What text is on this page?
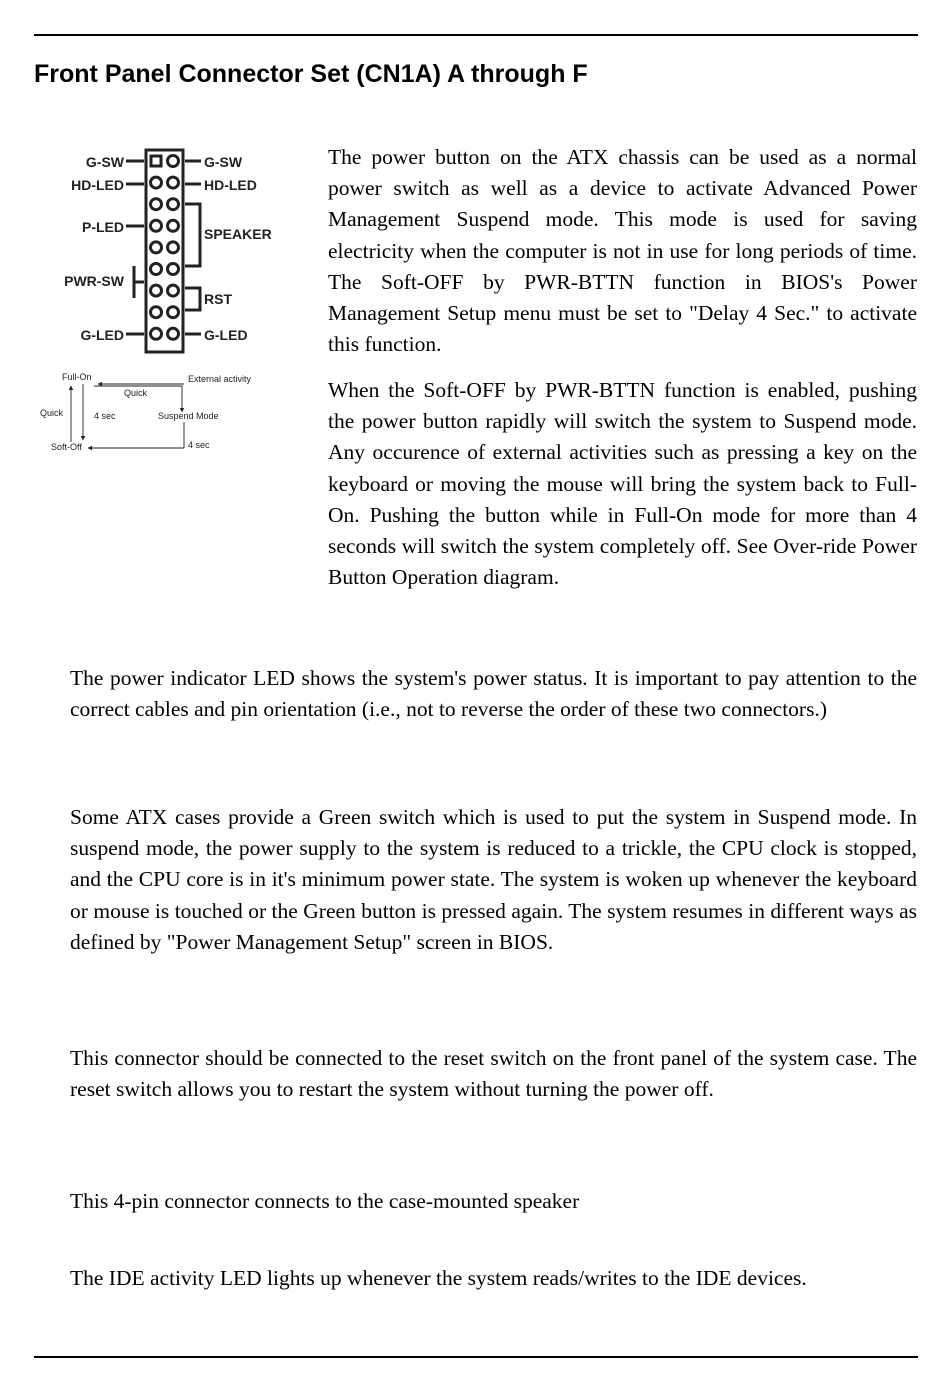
Front Panel Connector Set (CN1A) A through F
G-SW
HD-LED
P-LED
PWR-SW
G-LED
G-SW
HD-LED
SPEAKER
RST
G-LED
Full-On	External activity
Quick
Quick	4 sec	Suspend Mode
Soft-Off	4 sec

The power button on the ATX chassis can be used as a normal power switch as well as a device to activate Advanced Power Management Suspend mode. This mode is used for saving electricity when the computer is not in use for long periods of time. The Soft-OFF by PWR-BTTN function in BIOS's Power Management Setup menu must be set to "Delay 4 Sec." to activate this function.

When the Soft-OFF by PWR-BTTN function is enabled, pushing the power button rapidly will switch the system to Suspend mode. Any occurence of external activities such as pressing a key on the keyboard or moving the mouse will bring the system back to Full-On. Pushing the button while in Full-On mode for more than 4 seconds will switch the system completely off. See Over-ride Power Button Operation diagram.

The power indicator LED shows the system's power status. It is important to pay attention to the correct cables and pin orientation (i.e., not to reverse the order of these two connectors.)

Some ATX cases provide a Green switch which is used to put the system in Suspend mode. In suspend mode, the power supply to the system is reduced to a trickle, the CPU clock is stopped, and the CPU core is in it's minimum power state. The system is woken up whenever the keyboard or mouse is touched or the Green button is pressed again. The system resumes in different ways as defined by "Power Management Setup" screen in BIOS.

This connector should be connected to the reset switch on the front panel of the system case. The reset switch allows you to restart the system without turning the power off.

This 4-pin connector connects to the case-mounted speaker

The IDE activity LED lights up whenever the system reads/writes to the IDE devices.
